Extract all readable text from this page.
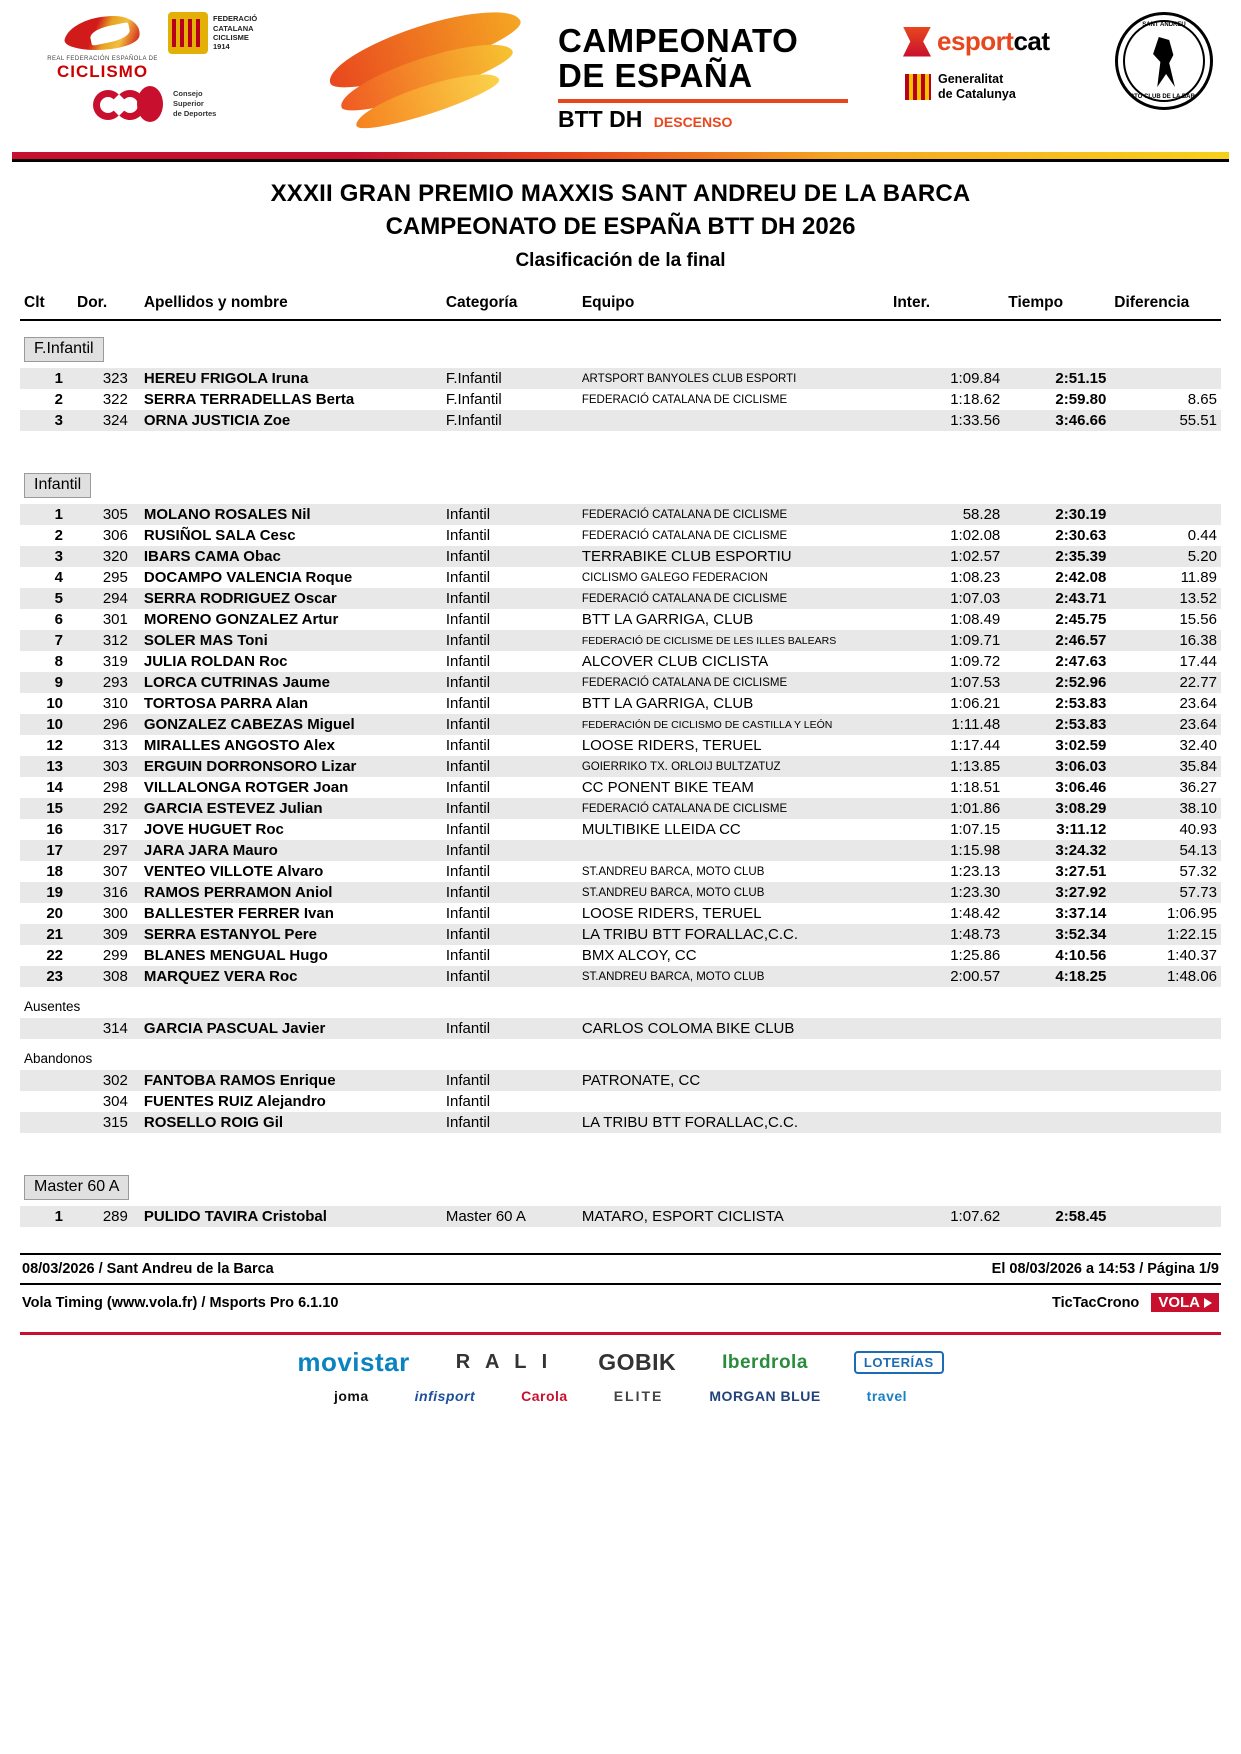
REAL FEDERACIÓN ESPAÑOLA DE
CICLISMO
FEDERACIÓ
CATALANA
CICLISME
1914
Consejo
Superior
de Deportes
CAMPEONATO
DE ESPAÑA
BTT DH DESCENSO
esportcat
Generalitat
de Catalunya
SANT ANDREU
MOTO CLUB DE LA BARCA
XXXII GRAN PREMIO MAXXIS SANT ANDREU DE LA BARCA
CAMPEONATO DE ESPAÑA BTT DH 2026
Clasificación de la final
Clt	Dor.	Apellidos y nombre	Categoría	Equipo	Inter.	Tiempo	Diferencia
F.Infantil							
1	323	HEREU FRIGOLA Iruna	F.Infantil	ARTSPORT BANYOLES CLUB ESPORTI	1:09.84	2:51.15	
2	322	SERRA TERRADELLAS Berta	F.Infantil	FEDERACIÓ CATALANA DE CICLISME	1:18.62	2:59.80	8.65
3	324	ORNA JUSTICIA Zoe	F.Infantil		1:33.56	3:46.66	55.51

Infantil							
1	305	MOLANO ROSALES Nil	Infantil	FEDERACIÓ CATALANA DE CICLISME	58.28	2:30.19	
2	306	RUSIÑOL SALA Cesc	Infantil	FEDERACIÓ CATALANA DE CICLISME	1:02.08	2:30.63	0.44
3	320	IBARS CAMA Obac	Infantil	TERRABIKE CLUB ESPORTIU	1:02.57	2:35.39	5.20
4	295	DOCAMPO VALENCIA Roque	Infantil	CICLISMO GALEGO FEDERACION	1:08.23	2:42.08	11.89
5	294	SERRA RODRIGUEZ Oscar	Infantil	FEDERACIÓ CATALANA DE CICLISME	1:07.03	2:43.71	13.52
6	301	MORENO GONZALEZ Artur	Infantil	BTT LA GARRIGA, CLUB	1:08.49	2:45.75	15.56
7	312	SOLER MAS Toni	Infantil	FEDERACIÓ DE CICLISME DE LES ILLES BALEARS	1:09.71	2:46.57	16.38
8	319	JULIA ROLDAN Roc	Infantil	ALCOVER CLUB CICLISTA	1:09.72	2:47.63	17.44
9	293	LORCA CUTRINAS Jaume	Infantil	FEDERACIÓ CATALANA DE CICLISME	1:07.53	2:52.96	22.77
10	310	TORTOSA PARRA Alan	Infantil	BTT LA GARRIGA, CLUB	1:06.21	2:53.83	23.64
10	296	GONZALEZ CABEZAS Miguel	Infantil	FEDERACIÓN DE CICLISMO DE CASTILLA Y LEÓN	1:11.48	2:53.83	23.64
12	313	MIRALLES ANGOSTO Alex	Infantil	LOOSE RIDERS, TERUEL	1:17.44	3:02.59	32.40
13	303	ERGUIN DORRONSORO Lizar	Infantil	GOIERRIKO TX. ORLOIJ BULTZATUZ	1:13.85	3:06.03	35.84
14	298	VILLALONGA ROTGER Joan	Infantil	CC PONENT BIKE TEAM	1:18.51	3:06.46	36.27
15	292	GARCIA ESTEVEZ Julian	Infantil	FEDERACIÓ CATALANA DE CICLISME	1:01.86	3:08.29	38.10
16	317	JOVE HUGUET Roc	Infantil	MULTIBIKE LLEIDA CC	1:07.15	3:11.12	40.93
17	297	JARA JARA Mauro	Infantil		1:15.98	3:24.32	54.13
18	307	VENTEO VILLOTE Alvaro	Infantil	ST.ANDREU BARCA, MOTO CLUB	1:23.13	3:27.51	57.32
19	316	RAMOS PERRAMON Aniol	Infantil	ST.ANDREU BARCA, MOTO CLUB	1:23.30	3:27.92	57.73
20	300	BALLESTER FERRER Ivan	Infantil	LOOSE RIDERS, TERUEL	1:48.42	3:37.14	1:06.95
21	309	SERRA ESTANYOL Pere	Infantil	LA TRIBU BTT FORALLAC,C.C.	1:48.73	3:52.34	1:22.15
22	299	BLANES MENGUAL Hugo	Infantil	BMX ALCOY, CC	1:25.86	4:10.56	1:40.37
23	308	MARQUEZ VERA Roc	Infantil	ST.ANDREU BARCA, MOTO CLUB	2:00.57	4:18.25	1:48.06
Ausentes							
	314	GARCIA PASCUAL Javier	Infantil	CARLOS COLOMA BIKE CLUB			
Abandonos							
	302	FANTOBA RAMOS Enrique	Infantil	PATRONATE, CC			
	304	FUENTES RUIZ Alejandro	Infantil				
	315	ROSELLO ROIG Gil	Infantil	LA TRIBU BTT FORALLAC,C.C.			

Master 60 A							
1	289	PULIDO TAVIRA Cristobal	Master 60 A	MATARO, ESPORT CICLISTA	1:07.62	2:58.45	
08/03/2026 / Sant Andreu de la Barca	El 08/03/2026 a 14:53 / Página 1/9
Vola Timing (www.vola.fr) / Msports Pro 6.1.10	TicTacCrono VOLA
movistar R A L I GOBIK Iberdrola	LOTERÍAS
joma	infisport	Carola	ELITE	MORGAN BLUE	travel
